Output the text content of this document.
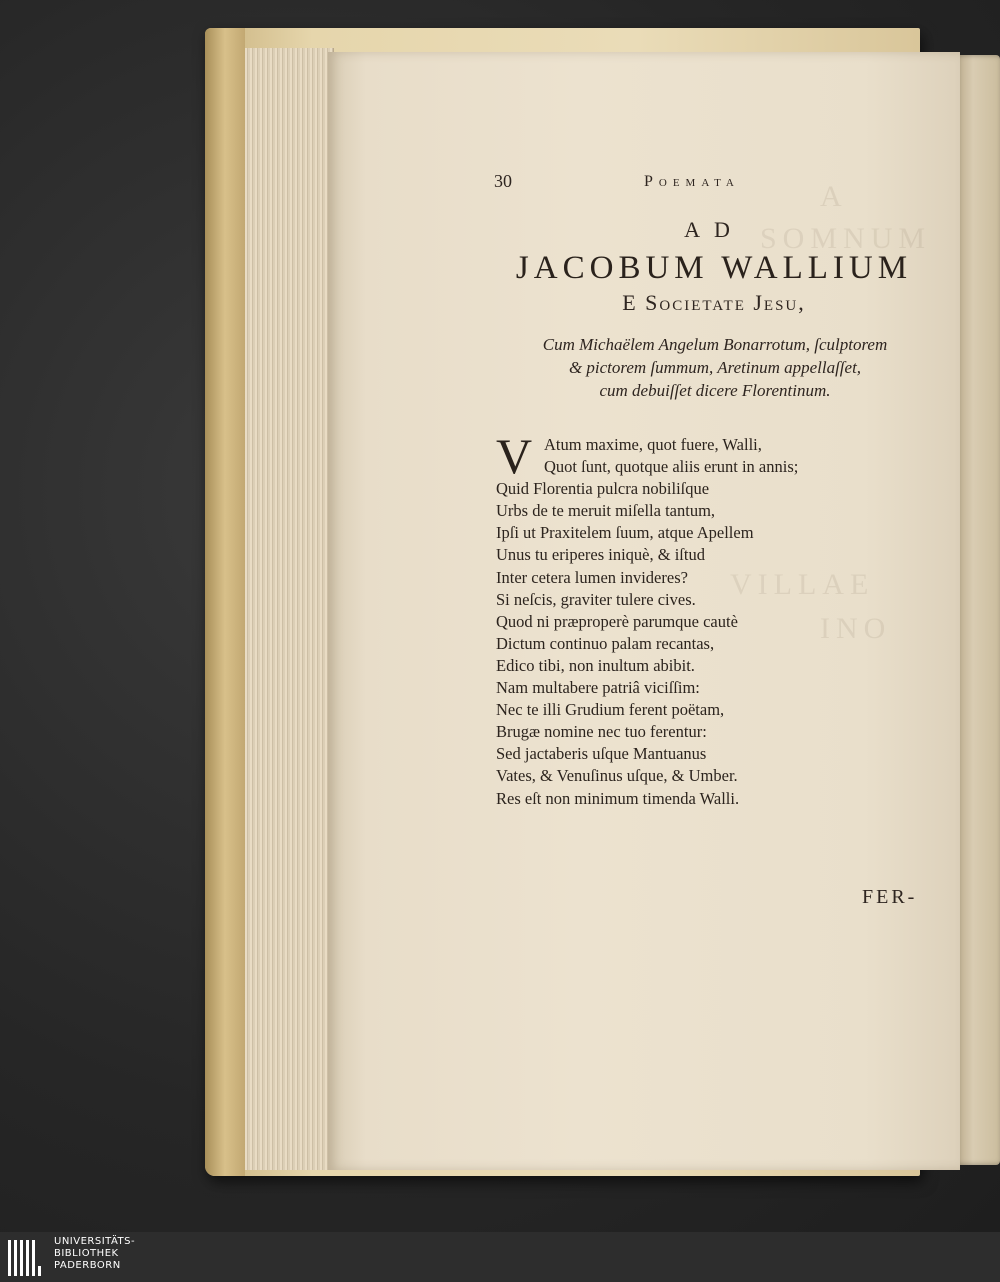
A
SOMNUM
VILLAE
INO
30	Poemata
AD
JACOBUM WALLIUM
E Societate Jesu,
Cum Michaëlem Angelum Bonarrotum, ſculptorem
& pictorem ſummum, Aretinum appellaſſet,
cum debuiſſet dicere Florentinum.
V Atum maxime, quot fuere, Walli,
Quot ſunt, quotque aliis erunt in annis;
Quid Florentia pulcra nobiliſque
Urbs de te meruit miſella tantum,
Ipſi ut Praxitelem ſuum, atque Apellem
Unus tu eriperes iniquè, & iſtud
Inter cetera lumen invideres?
Si neſcis, graviter tulere cives.
Quod ni præproperè parumque cautè
Dictum continuo palam recantas,
Edico tibi, non inultum abibit.
Nam multabere patriâ viciſſim:
Nec te illi Grudium ferent poëtam,
Brugæ nomine nec tuo ferentur:
Sed jactaberis uſque Mantuanus
Vates, & Venuſinus uſque, & Umber.
Res eſt non minimum timenda Walli.
FER-
UNIVERSITÄTS-
BIBLIOTHEK
PADERBORN
